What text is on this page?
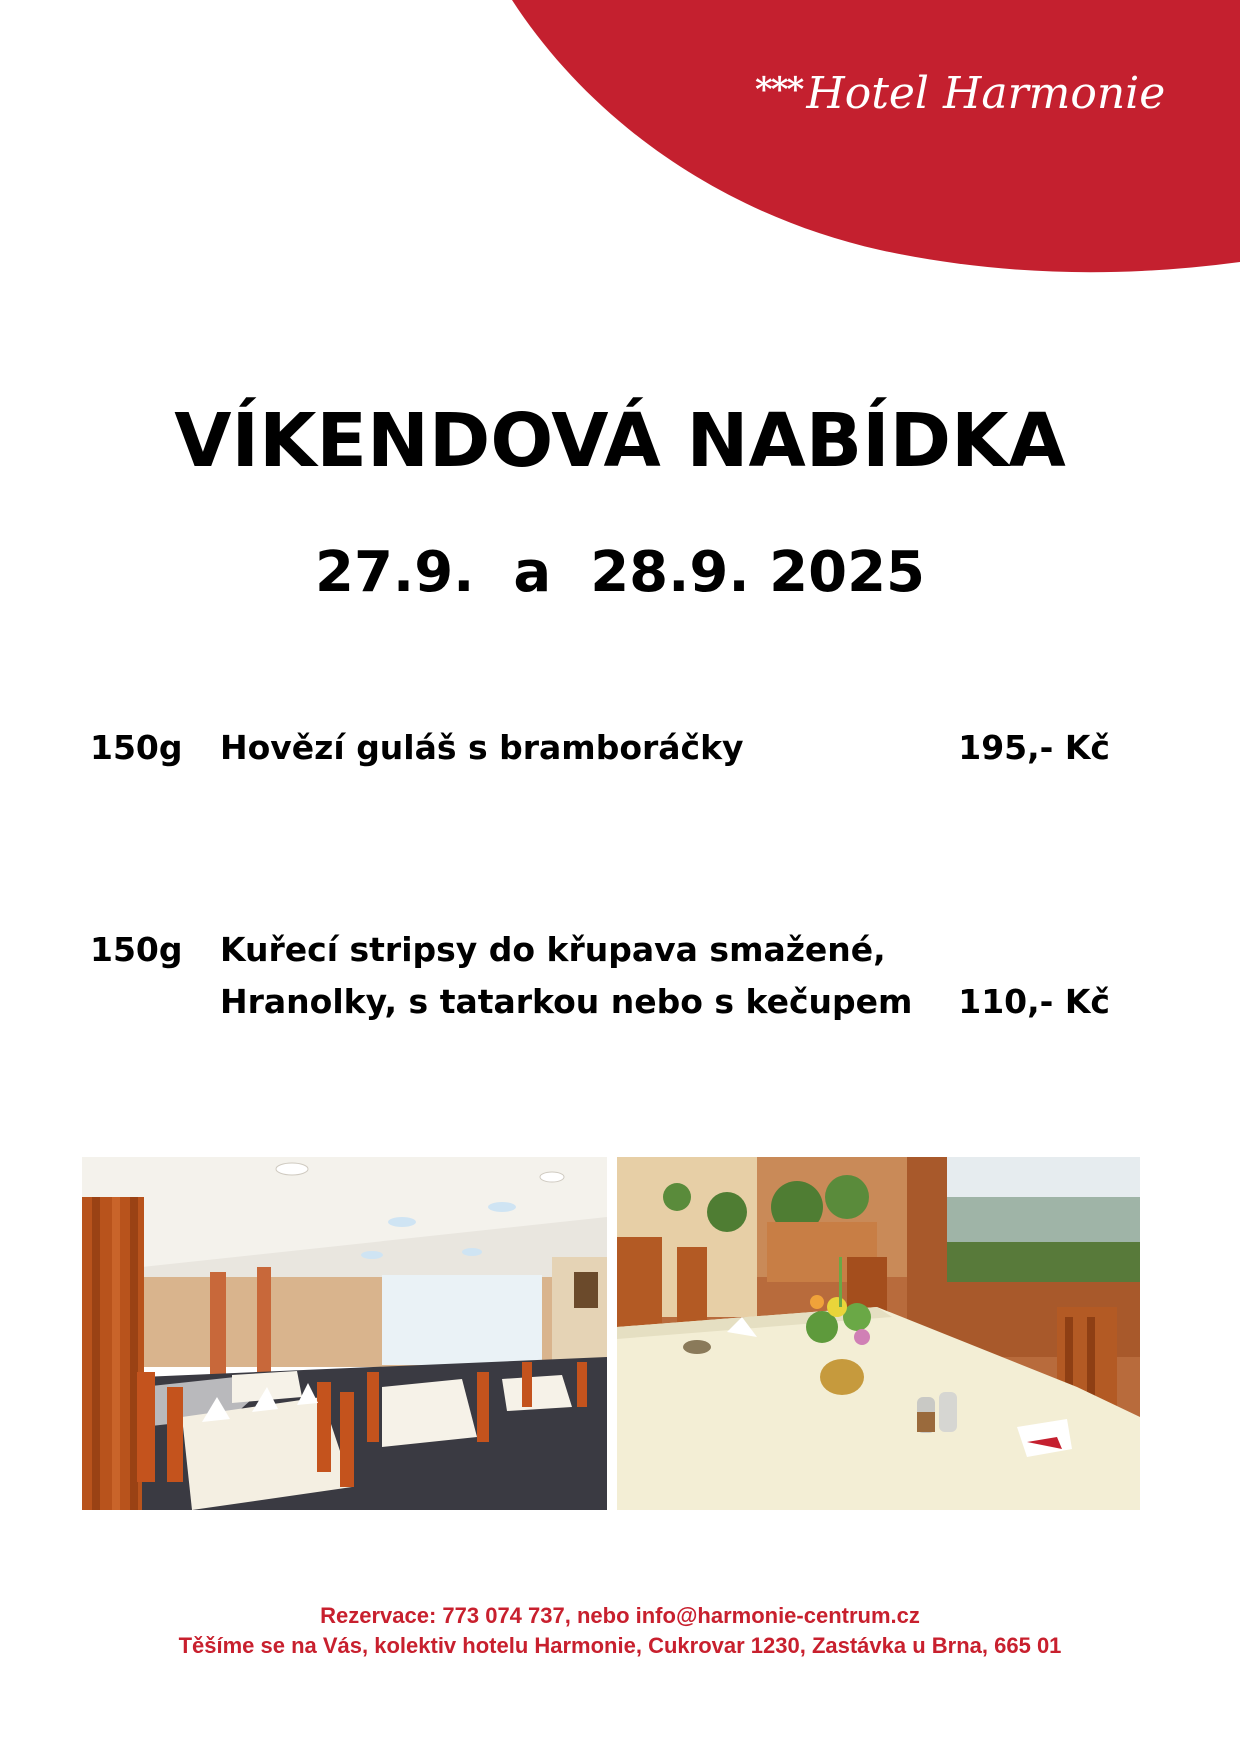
*** Hotel Harmonie
VÍKENDOVÁ NABÍDKA
27.9.  a  28.9. 2025
150g Hovězí guláš s bramboráčky	195,- Kč
150g Kuřecí stripsy do křupava smažené,
Hranolky, s tatarkou nebo s kečupem 110,- Kč
Rezervace: 773 074 737, nebo info@harmonie-centrum.cz
Těšíme se na Vás, kolektiv hotelu Harmonie, Cukrovar 1230, Zastávka u Brna, 665 01
